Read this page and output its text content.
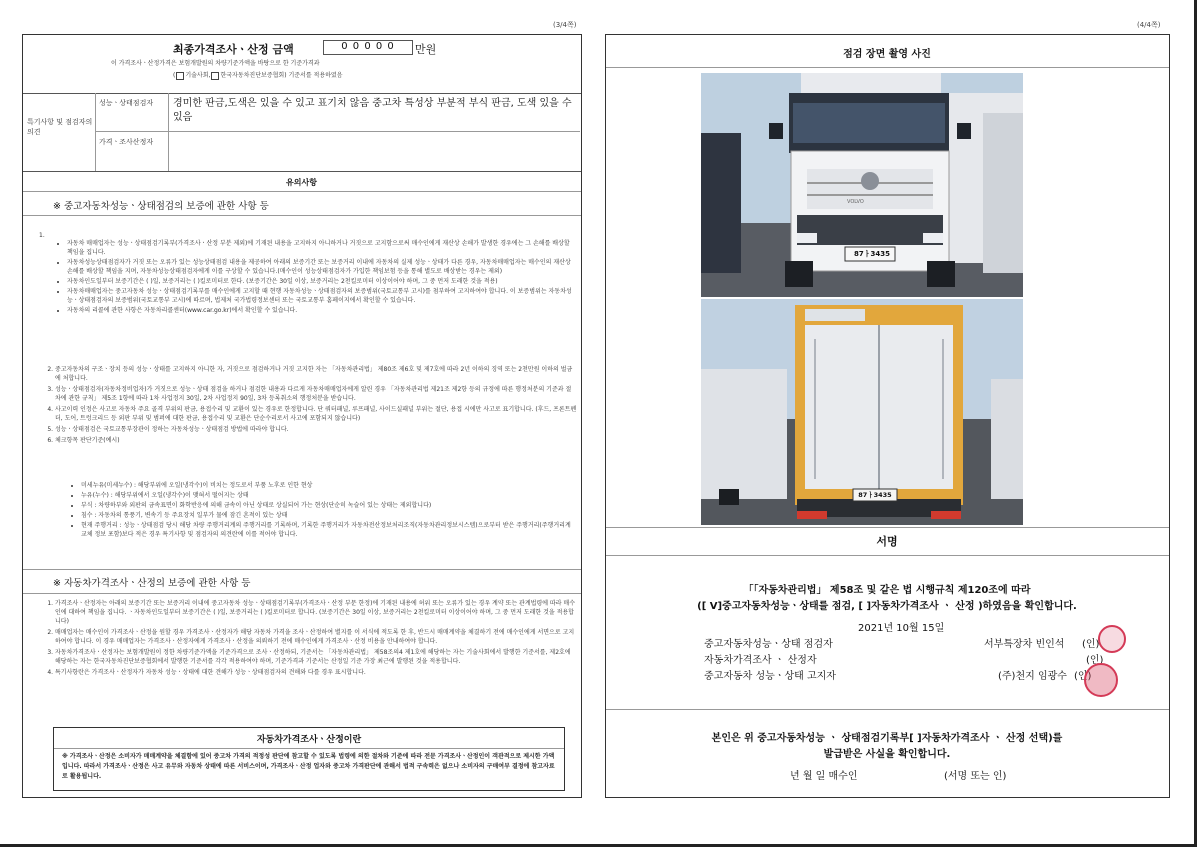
(3/4쪽)	(4/4쪽)
최종가격조사ㆍ산정 금액	0 0 0 0 0	만원
이 가격조사ㆍ산정가격은 보험개발원의 차량기준가액을 바탕으로 한 기준가격과
( 기술사회, 한국자동차진단보증협회) 기준서를 적용하였음
특기사항 및 점검자의 의견
성능ㆍ상태점검자	경미한 판금,도색은 있을 수 있고 표기치 않음 중고차 특성상 부분적 부식 판금, 도색 있을 수 있음
가격ㆍ조사산정자
유의사항
※ 중고자동차성능ㆍ상태점검의 보증에 관한 사항 등
1.
• 자동차 매매업자는 성능ㆍ상태점검기록부(가격조사ㆍ산정 부분 제외)에 기재된 내용을 고지하지 아니하거나 거짓으로 고지함으로써 매수인에게 재산상 손해가 발생한 경우에는 그 손해를 배상할 책임을 집니다.
• 자동차성능상태점검자가 거짓 또는 오류가 있는 성능상태점검 내용을 제공하여 아래의 보증기간 또는 보증거리 이내에 자동차의 실제 성능ㆍ상태가 다른 경우, 자동차매매업자는 매수인의 재산상 손해를 배상할 책임을 지며, 자동차성능상태점검자에게 이를 구상할 수 있습니다.(매수인이 성능상태점검자가 가입한 책임보험 등을 통해 별도로 배상받는 경우는 제외)
• 자동차인도일부터 보증기간은 ( )일, 보증거리는 ( )킬로미터로 한다. (보증기간은 30일 이상, 보증거리는 2천킬로미터 이상이어야 하며, 그 중 먼저 도래한 것을 적용)
• 자동차매매업자는 중고자동차 성능ㆍ상태점검기록부를 매수인에게 고지할 때 현행 자동차성능ㆍ상태점검자의 보증범위(국토교통부 고시)를 첨부하여 고지하여야 합니다. 이 보증범위는 자동차성능ㆍ상태점검자의 보증범위(국토교통부 고시)에 따르며, 법제처 국가법령정보센터 또는 국토교통부 홈페이지에서 확인할 수 있습니다.
• 자동차의 리콜에 관한 사항은 자동차리콜센터(www.car.go.kr)에서 확인할 수 있습니다.
2. 중고자동차의 구조ㆍ장치 등의 성능ㆍ상태를 고지하지 아니한 자, 거짓으로 점검하거나 거짓 고지한 자는 「자동차관리법」 제80조 제6호 및 제7호에 따라 2년 이하의 징역 또는 2천만원 이하의 벌금에 처합니다.
3. 성능ㆍ상태점검자(자동차정비업자)가 거짓으로 성능ㆍ상태 점검을 하거나 점검한 내용과 다르게 자동차매매업자에게 알린 경우 「자동차관리법 제21조 제2항 등의 규정에 따른 행정처분의 기준과 절차에 관한 규칙」 제5조 1항에 따라 1차 사업정지 30일, 2차 사업정지 90일, 3차 등록취소의 행정처분을 받습니다.
4. 사고이력 인정은 사고로 자동차 주요 골격 부위의 판금, 용접수리 및 교환이 있는 경우로 한정합니다. 단 쿼터패널, 루프패널, 사이드실패널 부위는 절단, 용접 시에만 사고로 표기합니다. (후드, 프론트펜더, 도어, 트렁크리드 등 외판 부위 및 범퍼에 대한 판금, 용접수리 및 교환은 단순수리로서 사고에 포함되지 않습니다)
5. 성능ㆍ상태점검은 국토교통부장관이 정하는 자동차성능ㆍ상태점검 방법에 따라야 합니다.
6. 체크항목 판단기준(예시)
• 미세누유(미세누수) : 해당부위에 오일(냉각수)이 비치는 정도로서 부품 노후로 인한 현상
• 누유(누수) : 해당부위에서 오일(냉각수)이 맺혀서 떨어지는 상태
• 부식 : 차량하부와 외판의 금속표면이 화학반응에 의해 금속이 아닌 상태로 상실되어 가는 현상(단순히 녹슬어 있는 상태는 제외합니다)
• 침수 : 자동차의 통풍기, 변속기 등 주요장치 일부가 물에 잠긴 흔적이 있는 상태
• 현재 주행거리 : 성능ㆍ상태점검 당시 해당 차량 주행거리계의 주행거리를 기록하며, 기록한 주행거리가 자동차전산정보처리조직(자동차관리정보시스템)으로부터 받은 주행거리(주행거리계 교체 정보 포함)보다 적은 경우 특기사항 및 점검자의 의견란에 이를 적어야 합니다.
※ 자동차가격조사ㆍ산정의 보증에 관한 사항 등
1. 가격조사ㆍ산정자는 아래의 보증기간 또는 보증거리 이내에 중고자동차 성능ㆍ상태점검기록부(가격조사ㆍ산정 부문 한정)에 기재된 내용에 허위 또는 오류가 있는 경우 계약 또는 관계법령에 따라 매수인에 대하여 책임을 집니다. ㆍ자동차인도일부터 보증기간은 ( )일, 보증거리는 ( )킬로미터로 합니다. (보증기간은 30일 이상, 보증거리는 2천킬로미터 이상이어야 하며, 그 중 먼저 도래한 것을 적용합니다)
2. 매매업자는 매수인이 가격조사ㆍ산정을 원할 경우 가격조사ㆍ산정자가 해당 자동차 가격을 조사ㆍ산정하여 별지를 이 서식에 적도록 한 후, 반드시 매매계약을 체결하기 전에 매수인에게 서면으로 고지하여야 합니다. 이 경우 매매업자는 가격조사ㆍ산정자에게 가격조사ㆍ산정을 의뢰하기 전에 매수인에게 가격조사ㆍ산정 비용을 안내하여야 합니다.
3. 자동차가격조사ㆍ산정자는 보험개발원이 정한 차량기준가액을 기준가격으로 조사ㆍ산정하되, 기준서는 「자동차관리법」 제58조의4 제1호에 해당하는 자는 기술사회에서 발행한 기준서를, 제2호에 해당하는 자는 한국자동차진단보증협회에서 발행한 기준서를 각각 적용하여야 하며, 기준가격과 기준서는 산정일 기준 가장 최근에 발행된 것을 적용합니다.
4. 특기사항란은 가격조사ㆍ산정자가 자동차 성능ㆍ상태에 대한 견해가 성능ㆍ상태점검자의 견해와 다를 경우 표시합니다.
자동차가격조사ㆍ산정이란
※ 가격조사ㆍ산정은 소비자가 매매계약을 체결함에 있어 중고차 가격의 적정성 판단에 참고할 수 있도록 법령에 의한 절차와 기준에 따라 전문 가격조사ㆍ산정인이 객관적으로 제시한 가액입니다. 따라서 가격조사ㆍ산정은 사고 유무와 자동차 상태에 따른 서비스이며, 가격조사ㆍ산정 업자와 중고차 가격판단에 관해서 법적 구속력은 없으나 소비자의 구매여부 결정에 참고자료로 활용됩니다.
점검 장면 촬영 사진
87ㅏ3435
VOLVO
87ㅏ3435
서명
「「자동차관리법」 제58조 및 같은 법 시행규칙 제120조에 따라
([ V]중고자동차성능ㆍ상태를 점검, [ ]자동차가격조사 ㆍ 산정 )하였음을 확인합니다.
2021년 10월 15일
중고자동차성능ㆍ상태 점검자	서부특장차 빈인석 (인)
자동차가격조사 ㆍ 산정자	(인)
중고자동차 성능ㆍ상태 고지자	(주)천지 임광수 (인)
본인은 위 중고자동차성능 ㆍ 상태점검기록부[ ]자동차가격조사 ㆍ 산정 선택)를
발급받은 사실을 확인합니다.
년 월 일 매수인	(서명 또는 인)
